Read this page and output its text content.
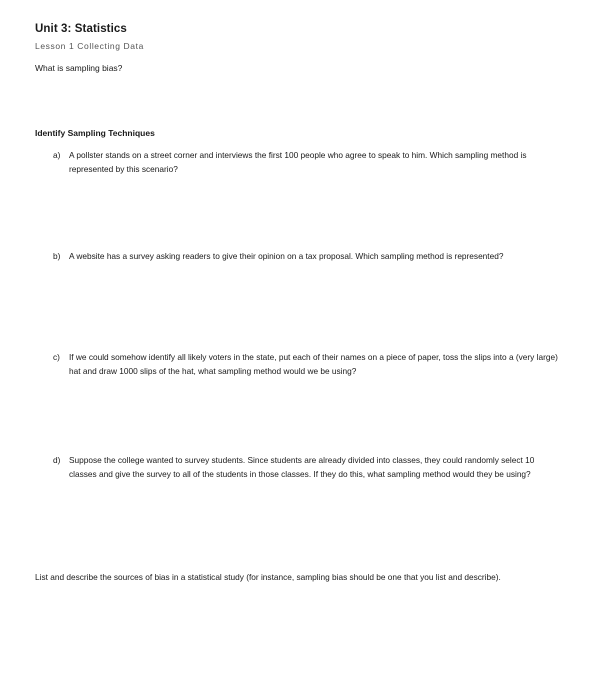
Unit 3: Statistics
Lesson 1 Collecting Data
What is sampling bias?
Identify Sampling Techniques
a) A pollster stands on a street corner and interviews the first 100 people who agree to speak to him. Which sampling method is represented by this scenario?
b) A website has a survey asking readers to give their opinion on a tax proposal. Which sampling method is represented?
c) If we could somehow identify all likely voters in the state, put each of their names on a piece of paper, toss the slips into a (very large) hat and draw 1000 slips of the hat, what sampling method would we be using?
d) Suppose the college wanted to survey students. Since students are already divided into classes, they could randomly select 10 classes and give the survey to all of the students in those classes. If they do this, what sampling method would they be using?
List and describe the sources of bias in a statistical study (for instance, sampling bias should be one that you list and describe).
